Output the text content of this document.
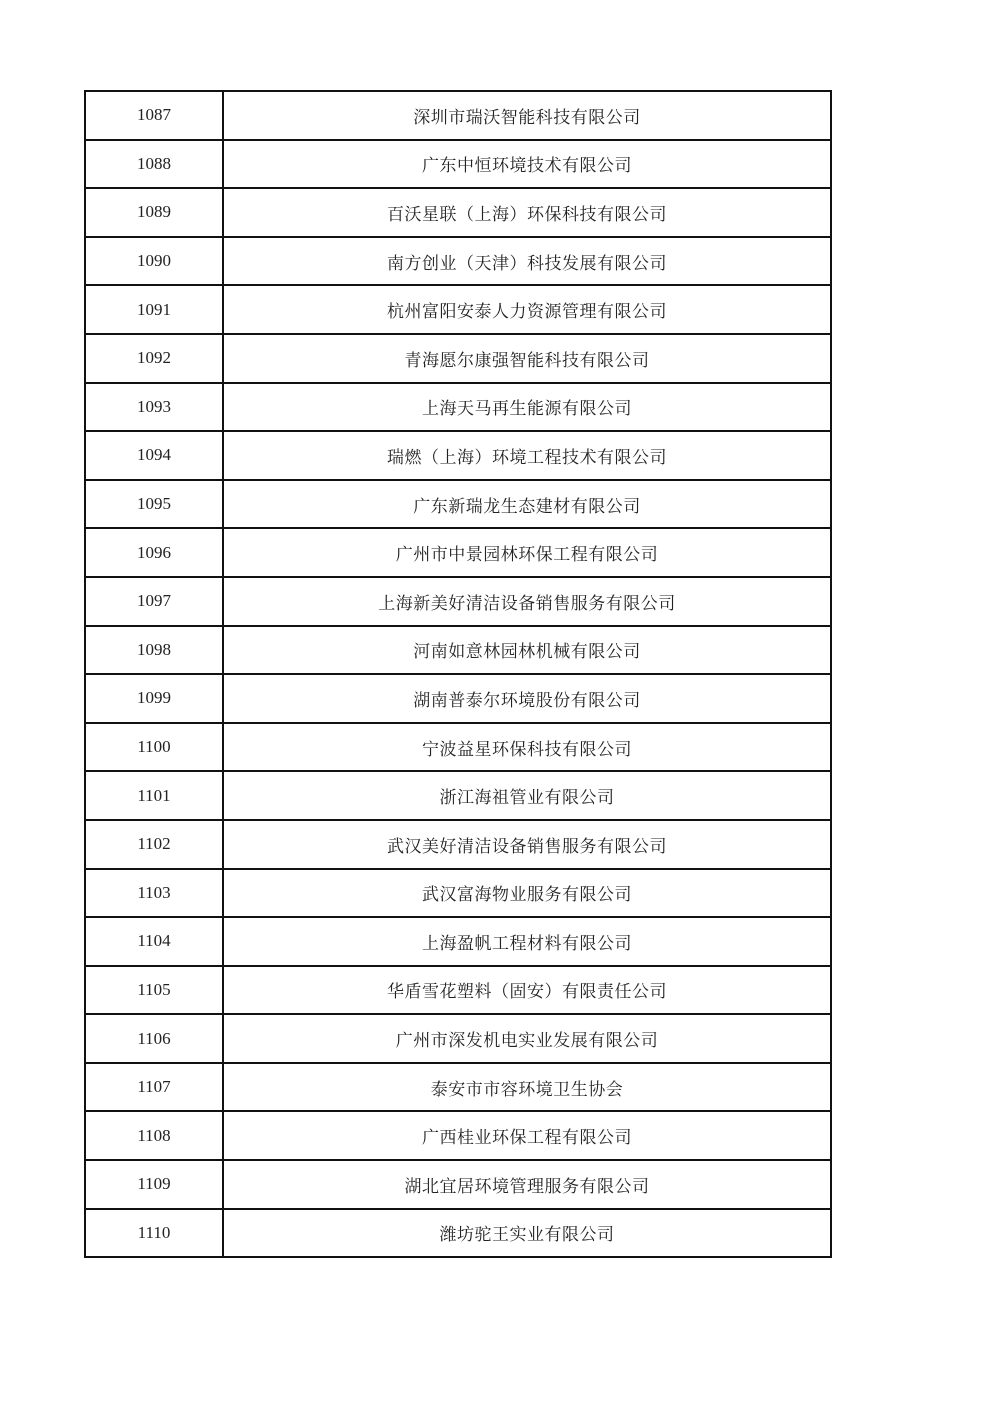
1087	深圳市瑞沃智能科技有限公司
1088	广东中恒环境技术有限公司
1089	百沃星联（上海）环保科技有限公司
1090	南方创业（天津）科技发展有限公司
1091	杭州富阳安泰人力资源管理有限公司
1092	青海愿尔康强智能科技有限公司
1093	上海天马再生能源有限公司
1094	瑞燃（上海）环境工程技术有限公司
1095	广东新瑞龙生态建材有限公司
1096	广州市中景园林环保工程有限公司
1097	上海新美好清洁设备销售服务有限公司
1098	河南如意林园林机械有限公司
1099	湖南普泰尔环境股份有限公司
1100	宁波益星环保科技有限公司
1101	浙江海祖管业有限公司
1102	武汉美好清洁设备销售服务有限公司
1103	武汉富海物业服务有限公司
1104	上海盈帆工程材料有限公司
1105	华盾雪花塑料（固安）有限责任公司
1106	广州市深发机电实业发展有限公司
1107	泰安市市容环境卫生协会
1108	广西桂业环保工程有限公司
1109	湖北宜居环境管理服务有限公司
1110	潍坊驼王实业有限公司
